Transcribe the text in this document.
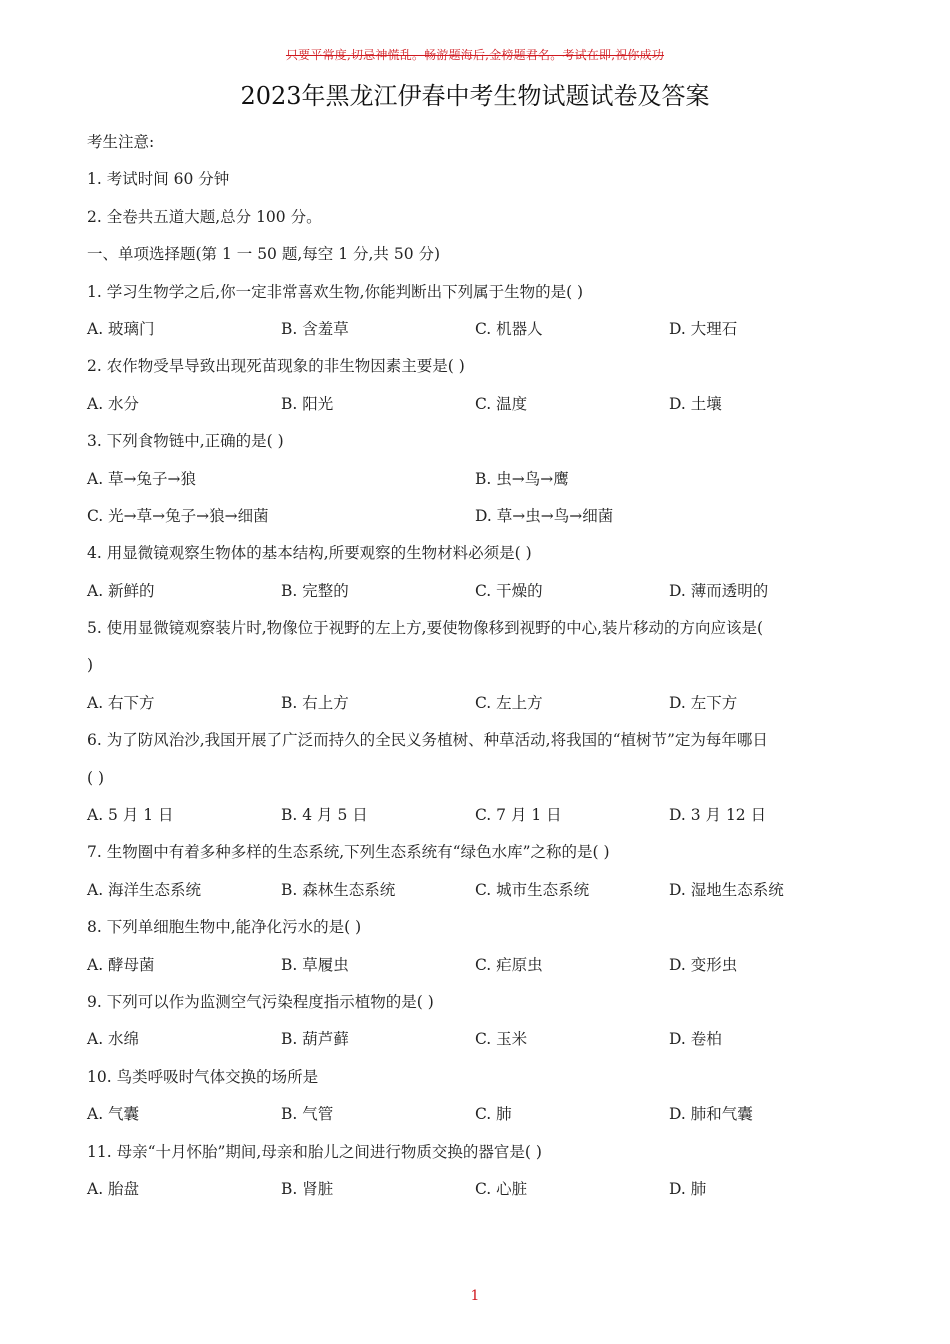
只要平常度,切忌神慌乱。畅游题海后,金榜题君名。考试在即,祝你成功
2023年黑龙江伊春中考生物试题试卷及答案
考生注意:
1. 考试时间 60 分钟
2. 全卷共五道大题,总分 100 分。
一、单项选择题(第 1 一 50 题,每空 1 分,共 50 分)
1. 学习生物学之后,你一定非常喜欢生物,你能判断出下列属于生物的是( )
A. 玻璃门	B. 含羞草	C. 机器人	D. 大理石
2. 农作物受旱导致出现死苗现象的非生物因素主要是( )
A. 水分	B. 阳光	C. 温度	D. 土壤
3. 下列食物链中,正确的是( )
A. 草→兔子→狼	B. 虫→鸟→鹰
C. 光→草→兔子→狼→细菌	D. 草→虫→鸟→细菌
4. 用显微镜观察生物体的基本结构,所要观察的生物材料必须是( )
A. 新鲜的	B. 完整的	C. 干燥的	D. 薄而透明的
5. 使用显微镜观察装片时,物像位于视野的左上方,要使物像移到视野的中心,装片移动的方向应该是(
)
A. 右下方	B. 右上方	C. 左上方	D. 左下方
6. 为了防风治沙,我国开展了广泛而持久的全民义务植树、种草活动,将我国的“植树节”定为每年哪日
( )
A. 5 月 1 日	B. 4 月 5 日	C. 7 月 1 日	D. 3 月 12 日
7. 生物圈中有着多种多样的生态系统,下列生态系统有“绿色水库”之称的是( )
A. 海洋生态系统	B. 森林生态系统	C. 城市生态系统	D. 湿地生态系统
8. 下列单细胞生物中,能净化污水的是( )
A. 酵母菌	B. 草履虫	C. 疟原虫	D. 变形虫
9. 下列可以作为监测空气污染程度指示植物的是( )
A. 水绵	B. 葫芦藓	C. 玉米	D. 卷柏
10. 鸟类呼吸时气体交换的场所是
A. 气囊	B. 气管	C. 肺	D. 肺和气囊
11. 母亲“十月怀胎”期间,母亲和胎儿之间进行物质交换的器官是( )
A. 胎盘	B. 肾脏	C. 心脏	D. 肺
1
